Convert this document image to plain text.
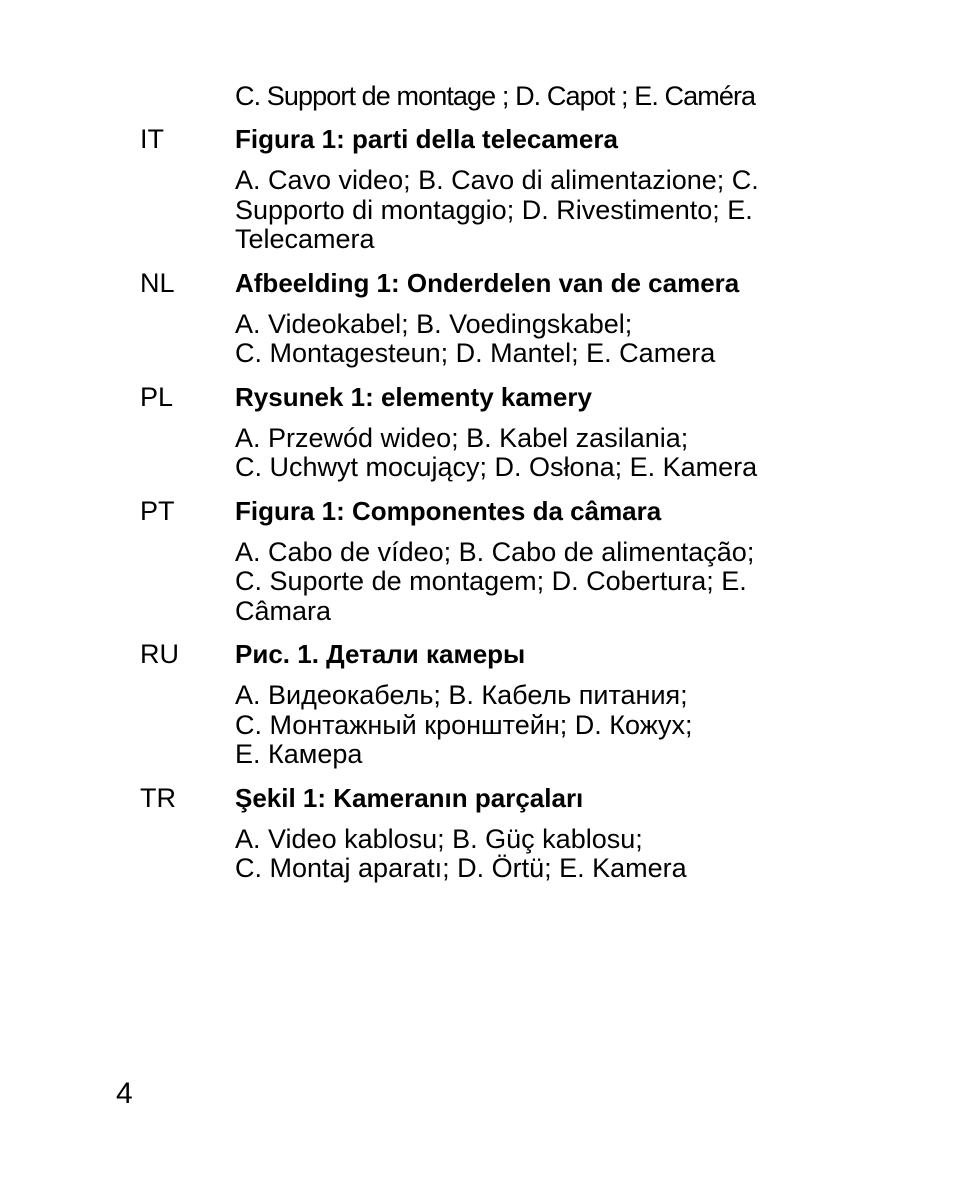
C. Support de montage ; D. Capot ; E. Caméra
IT	Figura 1: parti della telecamera
A. Cavo video; B. Cavo di alimentazione; C.
Supporto di montaggio; D. Rivestimento; E.
Telecamera
NL Afbeelding 1: Onderdelen van de camera
A. Videokabel; B. Voedingskabel;
C. Montagesteun; D. Mantel; E. Camera
PL Rysunek 1: elementy kamery
A. Przewód wideo; B. Kabel zasilania;
C. Uchwyt mocujący; D. Osłona; E. Kamera
PT Figura 1: Componentes da câmara
A. Cabo de vídeo; B. Cabo de alimentação;
C. Suporte de montagem; D. Cobertura; E.
Câmara
RU Рис. 1. Детали камеры
A. Видеокабель; B. Кабель питания;
C. Монтажный кронштейн; D. Кожух;
E. Камера
TR Şekil 1: Kameranın parçaları
A. Video kablosu; B. Güç kablosu;
C. Montaj aparatı; D. Örtü; E. Kamera
4
